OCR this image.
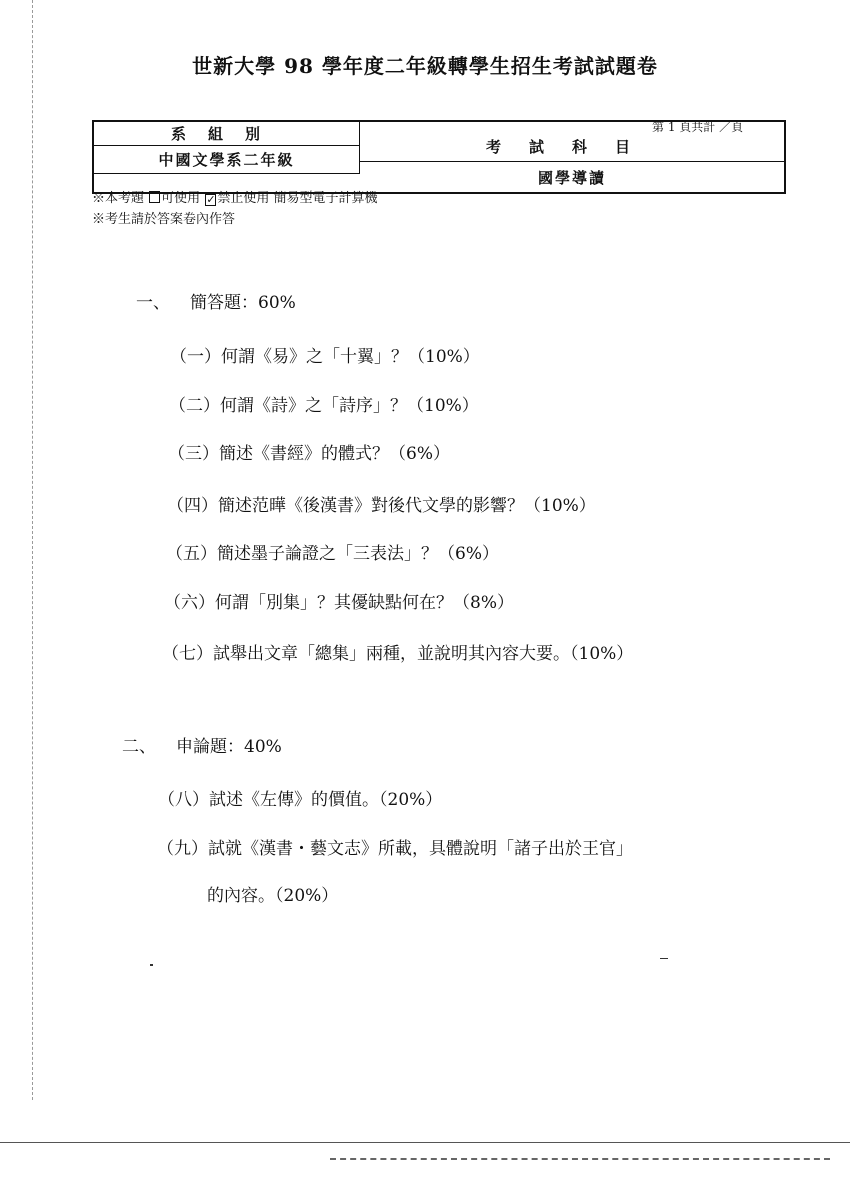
世新大學 98 學年度二年級轉學生招生考試試題卷
第 1 頁共計 ／頁
系組別
中國文學系二年級
考試科目
國學導讀
※本考題 可使用 ✓ 禁止使用 簡易型電子計算機
※考生請於答案卷內作答
一、 簡答題：60%
（一）何謂《易》之「十翼」？（10%）
（二）何謂《詩》之「詩序」？（10%）
（三）簡述《書經》的體式？（6%）
（四）簡述范曄《後漢書》對後代文學的影響？（10%）
（五）簡述墨子論證之「三表法」？（6%）
（六）何謂「別集」？其優缺點何在？（8%）
（七）試舉出文章「總集」兩種，並說明其內容大要。（10%）
二、 申論題：40%
（八）試述《左傳》的價值。（20%）
（九）試就《漢書・藝文志》所載，具體說明「諸子出於王官」
的內容。（20%）
